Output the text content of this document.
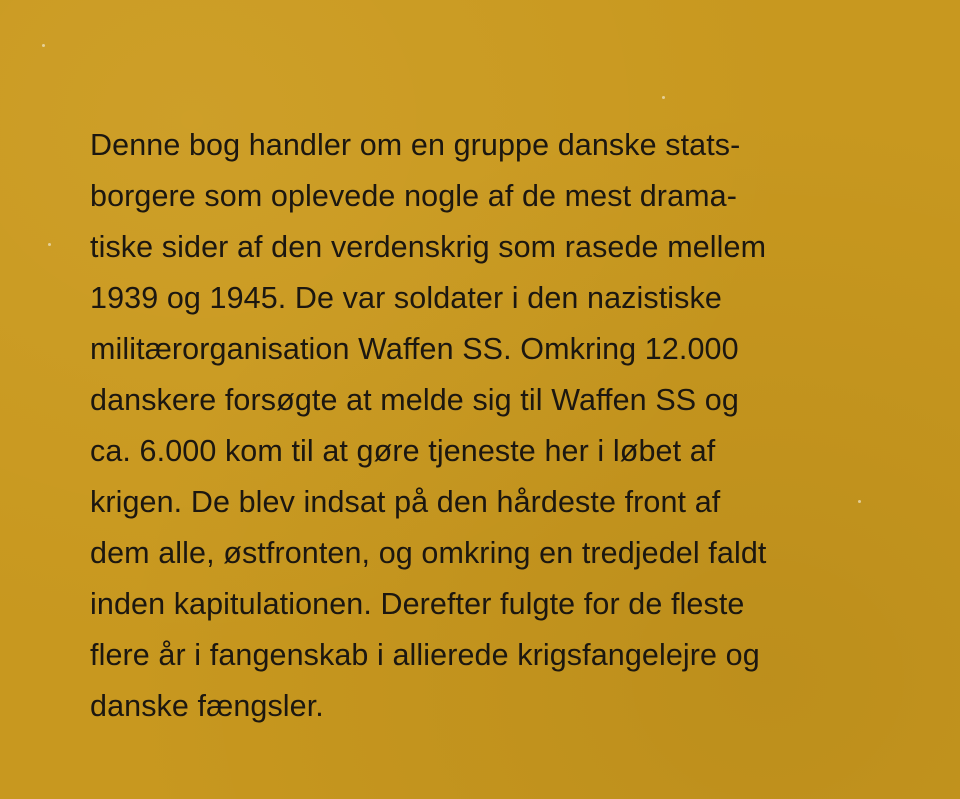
Denne bog handler om en gruppe danske stats-
borgere som oplevede nogle af de mest drama-
tiske sider af den verdenskrig som rasede mellem
1939 og 1945. De var soldater i den nazistiske
militærorganisation Waffen SS. Omkring 12.000
danskere forsøgte at melde sig til Waffen SS og
ca. 6.000 kom til at gøre tjeneste her i løbet af
krigen. De blev indsat på den hårdeste front af
dem alle, østfronten, og omkring en tredjedel faldt
inden kapitulationen. Derefter fulgte for de fleste
flere år i fangenskab i allierede krigsfangelejre og
danske fængsler.
